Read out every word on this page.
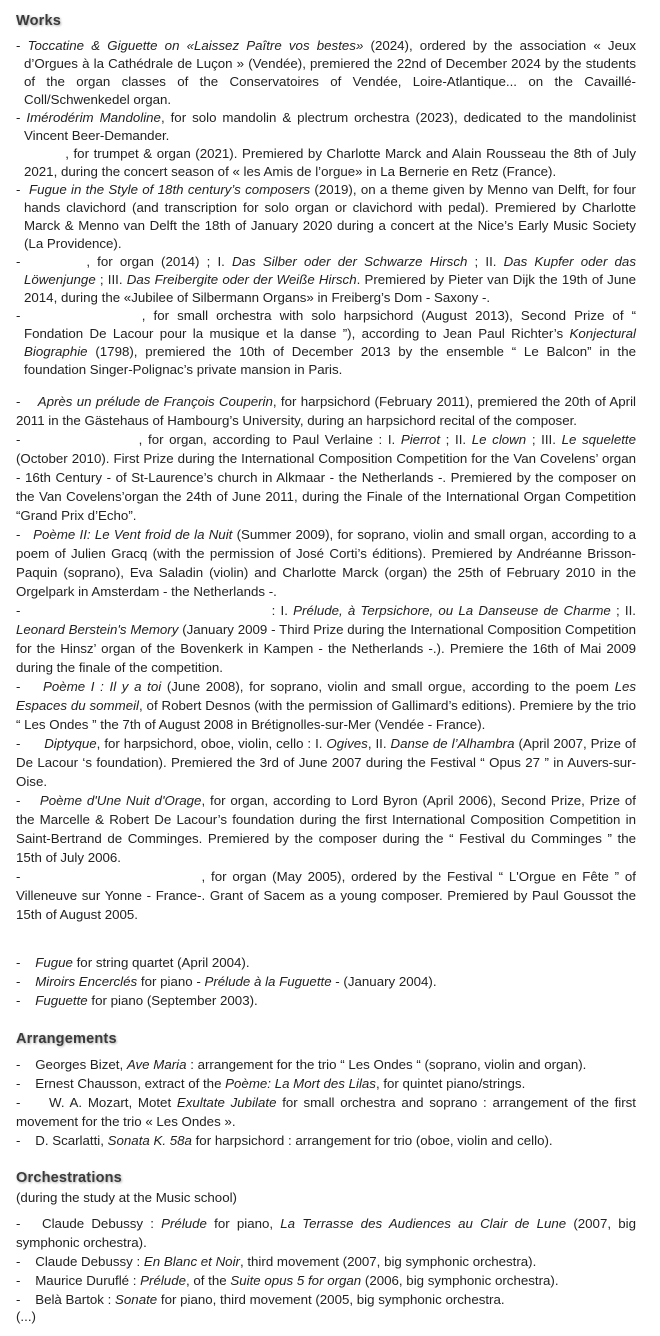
Works

- Toccatine & Giguette on «Laissez Paître vos bestes» (2024), ordered by the association « Jeux d’Orgues à la Cathédrale de Luçon » (Vendée), premiered the 22nd of December 2024 by the students of the organ classes of the Conservatoires of Vendée, Loire-Atlantique... on the Cavaillé-Coll/Schwenkedel organ.

- Imérodérim Mandoline, for solo mandolin & plectrum orchestra (2023), dedicated to the mandolinist Vincent Beer-Demander.

, for trumpet & organ (2021). Premiered by Charlotte Marck and Alain Rousseau the 8th of July 2021, during the concert season of « les Amis de l’orgue» in La Bernerie en Retz (France).

-  Fugue in the Style of 18th century’s composers (2019), on a theme given by Menno van Delft, for four hands clavichord (and transcription for solo organ or clavichord with pedal). Premiered by Charlotte Marck & Menno van Delft the 18th of January 2020 during a concert at the Nice’s Early Music Society (La Providence).

-	, for organ (2014) ; I. Das Silber oder der Schwarze Hirsch ; II. Das Kupfer oder das Löwenjunge ; III. Das Freibergite oder der Weiße Hirsch. Premiered by Pieter van Dijk the 19th of June 2014, during the «Jubilee of Silbermann Organs» in Freiberg’s Dom - Saxony -.

-	, for small orchestra with solo harpsichord (August 2013), Second Prize of “ Fondation De Lacour pour la musique et la danse ”), according to Jean Paul Richter’s Konjectural Biographie (1798), premiered the 10th of December 2013 by the ensemble “ Le Balcon” in the foundation Singer-Polignac’s private mansion in Paris.

-    Après un prélude de François Couperin, for harpsichord (February 2011), premiered the 20th of April 2011 in the Gästehaus of Hambourg’s University, during an harpsichord recital of the composer.

-	, for organ, according to Paul Verlaine : I. Pierrot ; II. Le clown ; III. Le squelette (October 2010). First Prize during the International Composition Competition for the Van Covelens’ organ - 16th Century - of St-Laurence’s church in Alkmaar - the Netherlands -. Premiered by the composer on the Van Covelens’organ the 24th of June 2011, during the Finale of the International Organ Competition “Grand Prix d’Echo”.

-   Poème II: Le Vent froid de la Nuit (Summer 2009), for soprano, violin and small organ, according to a poem of Julien Gracq (with the permission of José Corti’s éditions). Premiered by Andréanne Brisson-Paquin (soprano), Eva Saladin (violin) and Charlotte Marck (organ) the 25th of February 2010 in the Orgelpark in Amsterdam - the Netherlands -.

-	: I. Prélude, à Terpsichore, ou La Danseuse de Charme ; II. Leonard Berstein's Memory (January 2009 - Third Prize during the International Composition Competition for the Hinsz’ organ of the Bovenkerk in Kampen - the Netherlands -.). Premiere the 16th of Mai 2009 during the finale of the competition.

-    Poème I : Il y a toi (June 2008), for soprano, violin and small orgue, according to the poem Les Espaces du sommeil, of Robert Desnos (with the permission of Gallimard’s editions). Premiere by the trio “ Les Ondes ” the 7th of August 2008 in Brétignolles-sur-Mer (Vendée - France).

-      Diptyque, for harpsichord, oboe, violin, cello : I. Ogives, II. Danse de l’Alhambra (April 2007, Prize of De Lacour ‘s foundation). Premiered the 3rd of June 2007 during the Festival “ Opus 27 ” in Auvers-sur-Oise.

-    Poème d'Une Nuit d'Orage, for organ, according to Lord Byron (April 2006), Second Prize, Prize of the Marcelle & Robert De Lacour’s foundation during the first International Composition Competition in Saint-Bertrand de Comminges. Premiered by the composer during the “ Festival du Comminges ” the 15th of July 2006.

-	, for organ (May 2005), ordered by the Festival “ L'Orgue en Fête ” of Villeneuve sur Yonne - France-. Grant of Sacem as a young composer. Premiered by Paul Goussot the 15th of August 2005.

-    Fugue for string quartet (April 2004).

-    Miroirs Encerclés for piano - Prélude à la Fuguette - (January 2004).

-    Fuguette for piano (September 2003).

Arrangements

-    Georges Bizet, Ave Maria : arrangement for the trio “ Les Ondes “ (soprano, violin and organ).

-    Ernest Chausson, extract of the Poème: La Mort des Lilas, for quintet piano/strings.

-     W. A. Mozart, Motet Exultate Jubilate for small orchestra and soprano : arrangement of the first movement for the trio « Les Ondes ».

-    D. Scarlatti, Sonata K. 58a for harpsichord : arrangement for trio (oboe, violin and cello).

Orchestrations
(during the study at the Music school)

-   Claude Debussy : Prélude for piano, La Terrasse des Audiences au Clair de Lune (2007, big symphonic orchestra).

-    Claude Debussy : En Blanc et Noir, third movement (2007, big symphonic orchestra).

-    Maurice Duruflé : Prélude, of the Suite opus 5 for organ (2006, big symphonic orchestra).

-    Belà Bartok : Sonate for piano, third movement (2005, big symphonic orchestra.

(...)
